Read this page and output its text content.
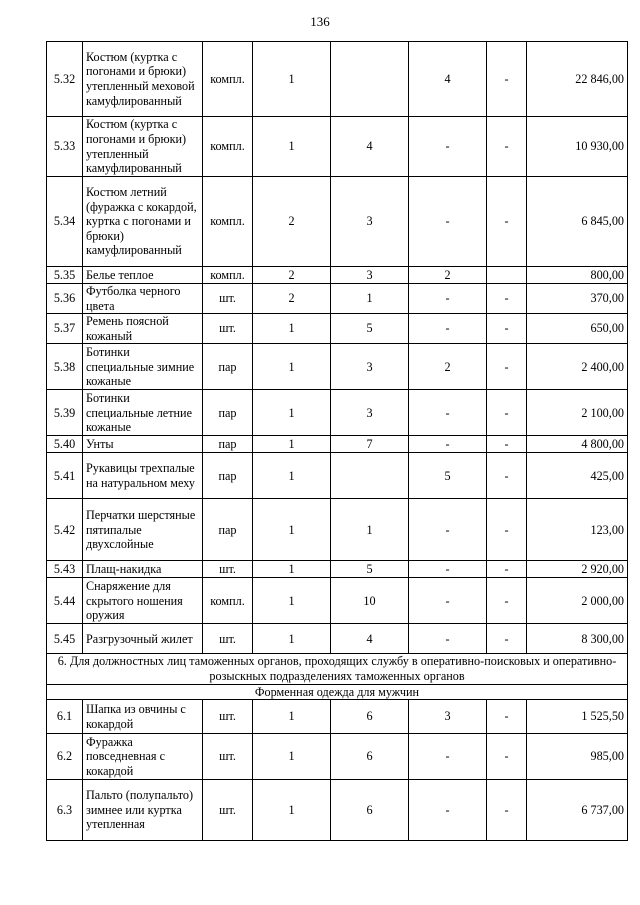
136
5.32	Костюм (куртка с погонами и брюки) утепленный меховой камуфлированный	компл.	1		4	-	22 846,00
5.33	Костюм (куртка с погонами и брюки) утепленный камуфлированный	компл.	1	4	-	-	10 930,00
5.34	Костюм летний (фуражка с кокардой, куртка с погонами и брюки) камуфлированный	компл.	2	3	-	-	6 845,00
5.35	Белье теплое	компл.	2	3	2		800,00
5.36	Футболка черного цвета	шт.	2	1	-	-	370,00
5.37	Ремень поясной кожаный	шт.	1	5	-	-	650,00
5.38	Ботинки специальные зимние кожаные	пар	1	3	2	-	2 400,00
5.39	Ботинки специальные летние кожаные	пар	1	3	-	-	2 100,00
5.40	Унты	пар	1	7	-	-	4 800,00
5.41	Рукавицы трехпалые на натуральном меху	пар	1		5	-	425,00
5.42	Перчатки шерстяные пятипалые двухслойные	пар	1	1	-	-	123,00
5.43	Плащ-накидка	шт.	1	5	-	-	2 920,00
5.44	Снаряжение для скрытого ношения оружия	компл.	1	10	-	-	2 000,00
5.45	Разгрузочный жилет	шт.	1	4	-	-	8 300,00
6. Для должностных лиц таможенных органов, проходящих службу в оперативно-поисковых и оперативно-розыскных подразделениях таможенных органов							
Форменная одежда для мужчин							
6.1	Шапка из овчины с кокардой	шт.	1	6	3	-	1 525,50
6.2	Фуражка повседневная с кокардой	шт.	1	6	-	-	985,00
6.3	Пальто (полупальто) зимнее или куртка утепленная	шт.	1	6	-	-	6 737,00
